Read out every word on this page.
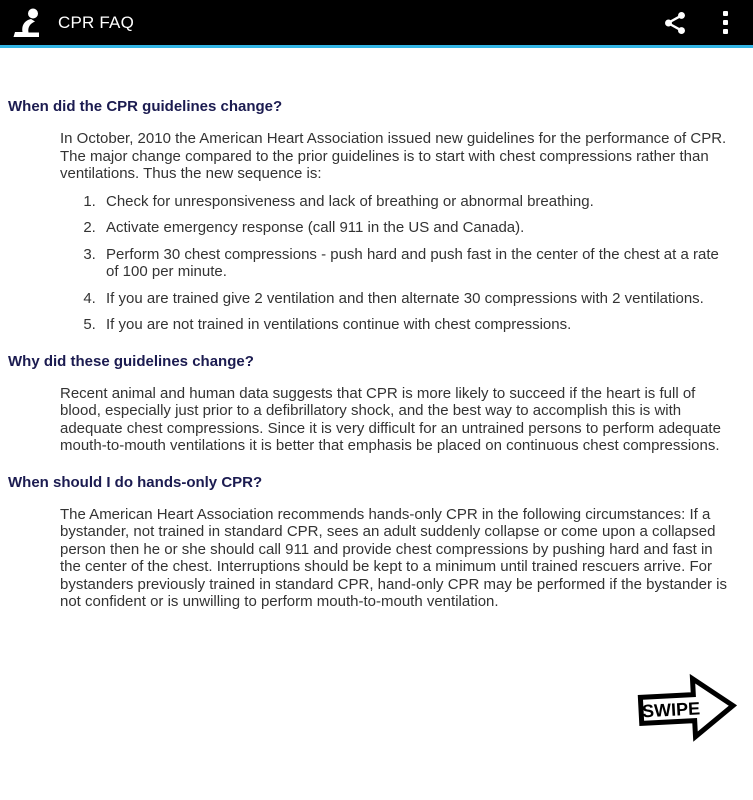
CPR FAQ
When did the CPR guidelines change?

In October, 2010 the American Heart Association issued new guidelines for the performance of CPR. The major change compared to the prior guidelines is to start with chest compressions rather than ventilations. Thus the new sequence is:

1. Check for unresponsiveness and lack of breathing or abnormal breathing.
2. Activate emergency response (call 911 in the US and Canada).
3. Perform 30 chest compressions - push hard and push fast in the center of the chest at a rate of 100 per minute.
4. If you are trained give 2 ventilation and then alternate 30 compressions with 2 ventilations.
5. If you are not trained in ventilations continue with chest compressions.
Why did these guidelines change?

Recent animal and human data suggests that CPR is more likely to succeed if the heart is full of blood, especially just prior to a defibrillatory shock, and the best way to accomplish this is with adequate chest compressions. Since it is very difficult for an untrained persons to perform adequate mouth-to-mouth ventilations it is better that emphasis be placed on continuous chest compressions.

When should I do hands-only CPR?

The American Heart Association recommends hands-only CPR in the following circumstances: If a bystander, not trained in standard CPR, sees an adult suddenly collapse or come upon a collapsed person then he or she should call 911 and provide chest compressions by pushing hard and fast in the center of the chest. Interruptions should be kept to a minimum until trained rescuers arrive. For bystanders previously trained in standard CPR, hand-only CPR may be performed if the bystander is not confident or is unwilling to perform mouth-to-mouth ventilation.

SWIPE
